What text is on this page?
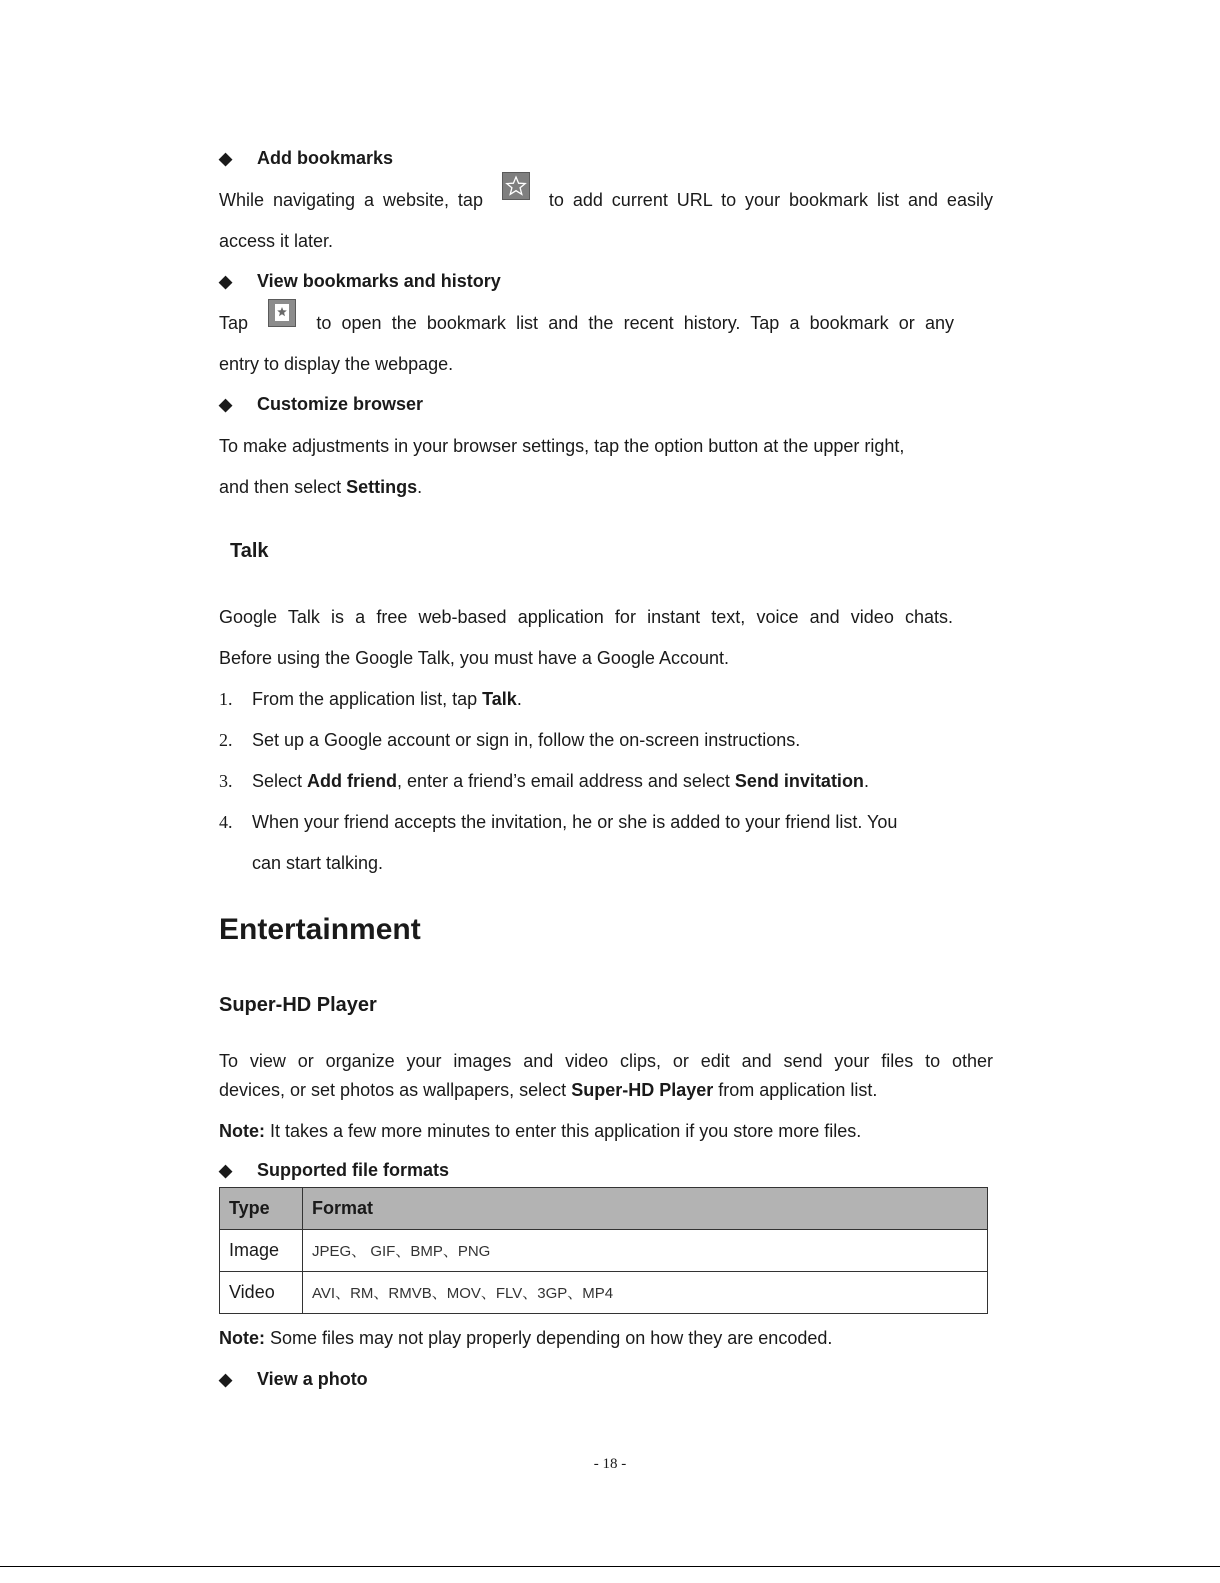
◆ Add bookmarks
While navigating a website, tap	to add current URL to your bookmark list and easily
access it later.
◆ View bookmarks and history
Tap	to open the bookmark list and the recent history. Tap a bookmark or any
entry to display the webpage.
◆ Customize browser
To make adjustments in your browser settings, tap the option button at the upper right,
and then select Settings.
Talk
Google Talk is a free web-based application for instant text, voice and video chats.
Before using the Google Talk, you must have a Google Account.
1. From the application list, tap Talk.
2. Set up a Google account or sign in, follow the on-screen instructions.
3. Select Add friend, enter a friend’s email address and select Send invitation.
4. When your friend accepts the invitation, he or she is added to your friend list. You
can start talking.
Entertainment
Super-HD Player
To view or organize your images and video clips, or edit and send your files to other
devices, or set photos as wallpapers, select Super-HD Player from application list.
Note: It takes a few more minutes to enter this application if you store more files.
◆ Supported file formats
Type	Format
Image	JPEG、 GIF、BMP、PNG
Video	AVI、RM、RMVB、MOV、FLV、3GP、MP4
Note: Some files may not play properly depending on how they are encoded.
◆ View a photo
- 18 -
